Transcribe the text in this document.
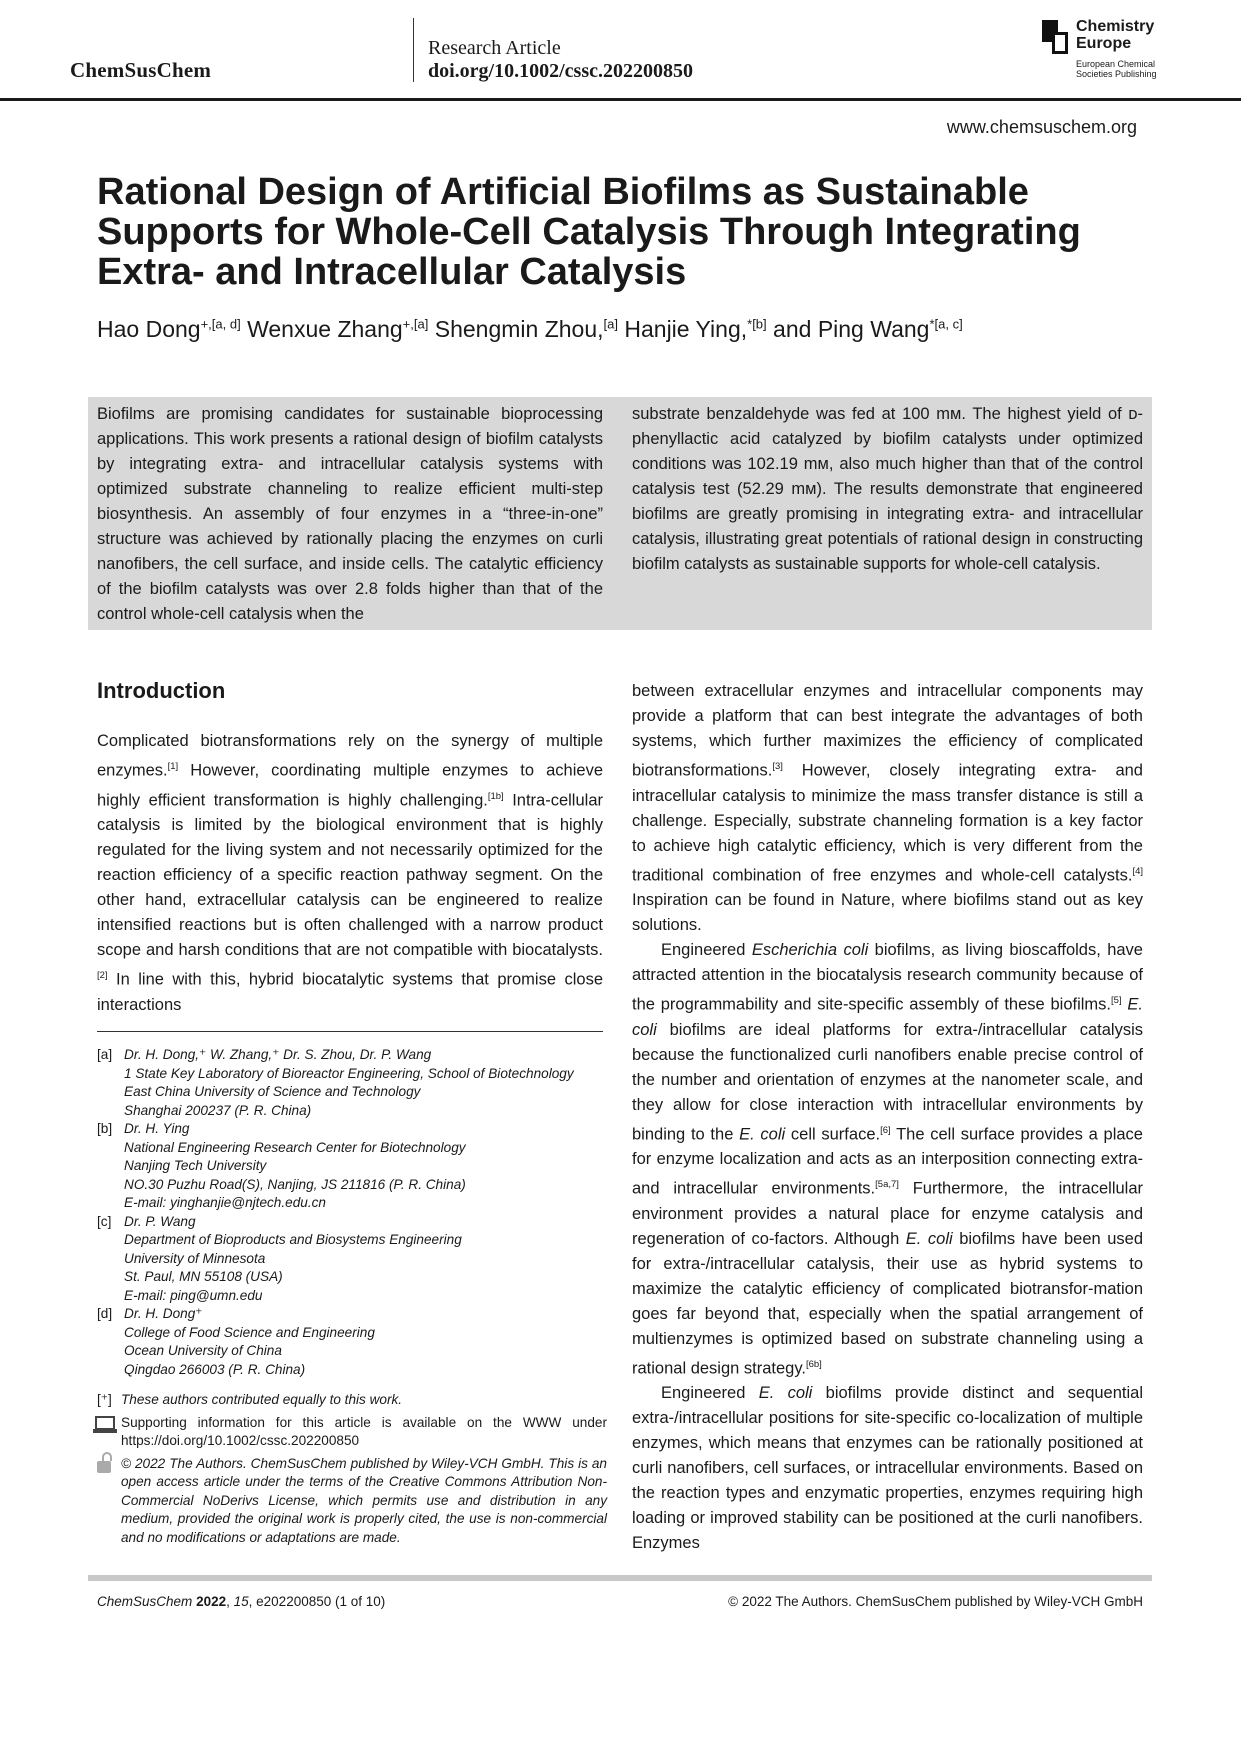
ChemSusChem
Research Article
doi.org/10.1002/cssc.202200850
Chemistry
Europe
European Chemical
Societies Publishing
www.chemsuschem.org
Rational Design of Artificial Biofilms as Sustainable Supports for Whole-Cell Catalysis Through Integrating Extra- and Intracellular Catalysis
Hao Dong$^{+,[a, d]}$ Wenxue Zhang$^{+,[a]}$ Shengmin Zhou,[a] Hanjie Ying,$^{*[b]}$ and Ping Wang$^{*[a, c]}$
Biofilms are promising candidates for sustainable bioprocessing applications. This work presents a rational design of biofilm catalysts by integrating extra- and intracellular catalysis systems with optimized substrate channeling to realize efficient multi-step biosynthesis. An assembly of four enzymes in a “three-in-one” structure was achieved by rationally placing the enzymes on curli nanofibers, the cell surface, and inside cells. The catalytic efficiency of the biofilm catalysts was over 2.8 folds higher than that of the control whole-cell catalysis when the
substrate benzaldehyde was fed at 100 mᴍ. The highest yield of ᴅ-phenyllactic acid catalyzed by biofilm catalysts under optimized conditions was 102.19 mᴍ, also much higher than that of the control catalysis test (52.29 mᴍ). The results demonstrate that engineered biofilms are greatly promising in integrating extra- and intracellular catalysis, illustrating great potentials of rational design in constructing biofilm catalysts as sustainable supports for whole-cell catalysis.
Introduction

Complicated biotransformations rely on the synergy of multiple enzymes.[1] However, coordinating multiple enzymes to achieve highly efficient transformation is highly challenging.[1b] Intra-cellular catalysis is limited by the biological environment that is highly regulated for the living system and not necessarily optimized for the reaction efficiency of a specific reaction pathway segment. On the other hand, extracellular catalysis can be engineered to realize intensified reactions but is often challenged with a narrow product scope and harsh conditions that are not compatible with biocatalysts.[2] In line with this, hybrid biocatalytic systems that promise close interactions

between extracellular enzymes and intracellular components may provide a platform that can best integrate the advantages of both systems, which further maximizes the efficiency of complicated biotransformations.[3] However, closely integrating extra- and intracellular catalysis to minimize the mass transfer distance is still a challenge. Especially, substrate channeling formation is a key factor to achieve high catalytic efficiency, which is very different from the traditional combination of free enzymes and whole-cell catalysts.[4] Inspiration can be found in Nature, where biofilms stand out as key solutions.

Engineered Escherichia coli biofilms, as living bioscaffolds, have attracted attention in the biocatalysis research community because of the programmability and site-specific assembly of these biofilms.[5] E. coli biofilms are ideal platforms for extra-/intracellular catalysis because the functionalized curli nanofibers enable precise control of the number and orientation of enzymes at the nanometer scale, and they allow for close interaction with intracellular environments by binding to the E. coli cell surface.[6] The cell surface provides a place for enzyme localization and acts as an interposition connecting extra- and intracellular environments.[5a,7] Furthermore, the intracellular environment provides a natural place for enzyme catalysis and regeneration of co-factors. Although E. coli biofilms have been used for extra-/intracellular catalysis, their use as hybrid systems to maximize the catalytic efficiency of complicated biotransfor-mation goes far beyond that, especially when the spatial arrangement of multienzymes is optimized based on substrate channeling using a rational design strategy.[6b]

Engineered E. coli biofilms provide distinct and sequential extra-/intracellular positions for site-specific co-localization of multiple enzymes, which means that enzymes can be rationally positioned at curli nanofibers, cell surfaces, or intracellular environments. Based on the reaction types and enzymatic properties, enzymes requiring high loading or improved stability can be positioned at the curli nanofibers. Enzymes

[a] Dr. H. Dong,⁺ W. Zhang,⁺ Dr. S. Zhou, Dr. P. Wang
1 State Key Laboratory of Bioreactor Engineering, School of Biotechnology
East China University of Science and Technology
Shanghai 200237 (P. R. China)
[b] Dr. H. Ying
National Engineering Research Center for Biotechnology
Nanjing Tech University
NO.30 Puzhu Road(S), Nanjing, JS 211816 (P. R. China)
E-mail: yinghanjie@njtech.edu.cn
[c] Dr. P. Wang
Department of Bioproducts and Biosystems Engineering
University of Minnesota
St. Paul, MN 55108 (USA)
E-mail: ping@umn.edu
[d] Dr. H. Dong⁺
College of Food Science and Engineering
Ocean University of China
Qingdao 266003 (P. R. China)
[⁺] These authors contributed equally to this work.
Supporting information for this article is available on the WWW under https://doi.org/10.1002/cssc.202200850
© 2022 The Authors. ChemSusChem published by Wiley-VCH GmbH. This is an open access article under the terms of the Creative Commons Attribution Non-Commercial NoDerivs License, which permits use and distribution in any medium, provided the original work is properly cited, the use is non-commercial and no modifications or adaptations are made.
ChemSusChem 2022, 15, e202200850 (1 of 10)	© 2022 The Authors. ChemSusChem published by Wiley-VCH GmbH
